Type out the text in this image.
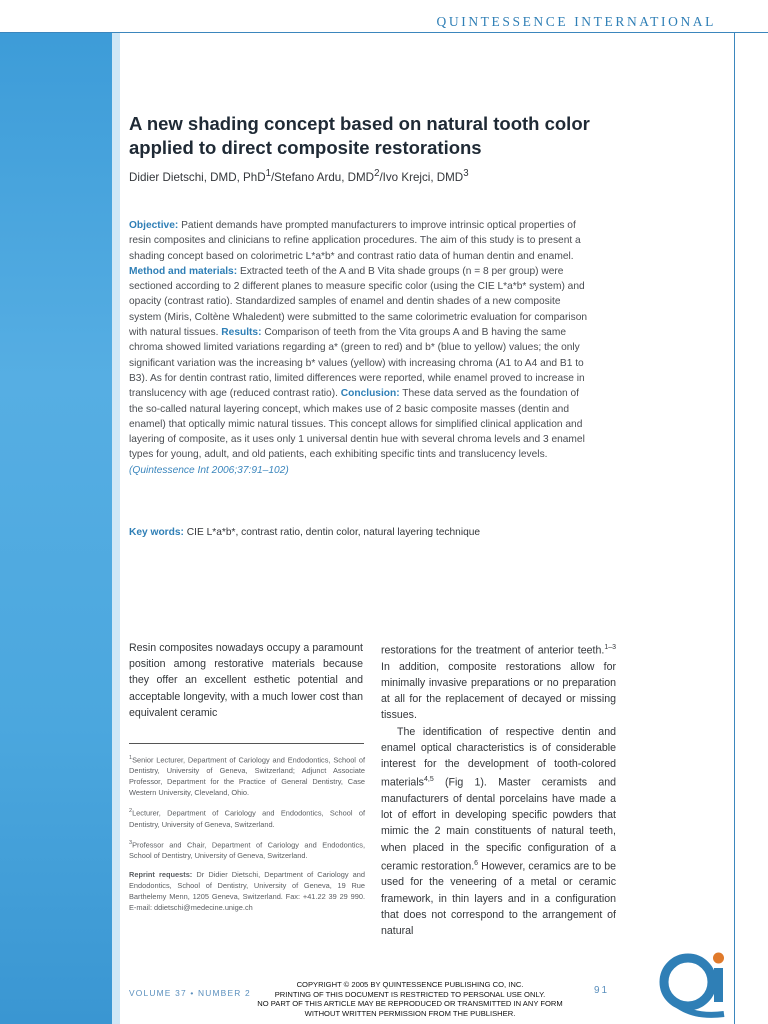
QUINTESSENCE INTERNATIONAL
A new shading concept based on natural tooth color applied to direct composite restorations

Didier Dietschi, DMD, PhD$^1$/Stefano Ardu, DMD$^2$/Ivo Krejci, DMD$^3$

Objective: Patient demands have prompted manufacturers to improve intrinsic optical properties of resin composites and clinicians to refine application procedures. The aim of this study is to present a shading concept based on colorimetric L*a*b* and contrast ratio data of human dentin and enamel. Method and materials: Extracted teeth of the A and B Vita shade groups (n = 8 per group) were sectioned according to 2 different planes to measure specific color (using the CIE L*a*b* system) and opacity (contrast ratio). Standardized samples of enamel and dentin shades of a new composite system (Miris, Coltène Whaledent) were submitted to the same colorimetric evaluation for comparison with natural tissues. Results: Comparison of teeth from the Vita groups A and B having the same chroma showed limited variations regarding a* (green to red) and b* (blue to yellow) values; the only significant variation was the increasing b* values (yellow) with increasing chroma (A1 to A4 and B1 to B3). As for dentin contrast ratio, limited differences were reported, while enamel proved to increase in translucency with age (reduced contrast ratio). Conclusion: These data served as the foundation of the so-called natural layering concept, which makes use of 2 basic composite masses (dentin and enamel) that optically mimic natural tissues. This concept allows for simplified clinical application and layering of composite, as it uses only 1 universal dentin hue with several chroma levels and 3 enamel types for young, adult, and old patients, each exhibiting specific tints and translucency levels. (Quintessence Int 2006;37:91–102)

Key words: CIE L*a*b*, contrast ratio, dentin color, natural layering technique

Resin composites nowadays occupy a paramount position among restorative materials because they offer an excellent esthetic potential and acceptable longevity, with a much lower cost than equivalent ceramic

restorations for the treatment of anterior teeth.$^{1-3}$ In addition, composite restorations allow for minimally invasive preparations or no preparation at all for the replacement of decayed or missing tissues.

The identification of respective dentin and enamel optical characteristics is of considerable interest for the development of tooth-colored materials$^{4,5}$ (Fig 1). Master ceramists and manufacturers of dental porcelains have made a lot of effort in developing specific powders that mimic the 2 main constituents of natural teeth, when placed in the specific configuration of a ceramic restoration.$^6$ However, ceramics are to be used for the veneering of a metal or ceramic framework, in thin layers and in a configuration that does not correspond to the arrangement of natural

$^1$Senior Lecturer, Department of Cariology and Endodontics, School of Dentistry, University of Geneva, Switzerland; Adjunct Associate Professor, Department for the Practice of General Dentistry, Case Western University, Cleveland, Ohio.

$^2$Lecturer, Department of Cariology and Endodontics, School of Dentistry, University of Geneva, Switzerland.

$^3$Professor and Chair, Department of Cariology and Endodontics, School of Dentistry, University of Geneva, Switzerland.

Reprint requests: Dr Didier Dietschi, Department of Cariology and Endodontics, School of Dentistry, University of Geneva, 19 Rue Barthelemy Menn, 1205 Geneva, Switzerland. Fax: +41.22 39 29 990. E-mail: ddietschi@medecine.unige.ch

VOLUME 37 • NUMBER 2	91
COPYRIGHT © 2005 BY QUINTESSENCE PUBLISHING CO, INC.
PRINTING OF THIS DOCUMENT IS RESTRICTED TO PERSONAL USE ONLY.
NO PART OF THIS ARTICLE MAY BE REPRODUCED OR TRANSMITTED IN ANY FORM
WITHOUT WRITTEN PERMISSION FROM THE PUBLISHER.
